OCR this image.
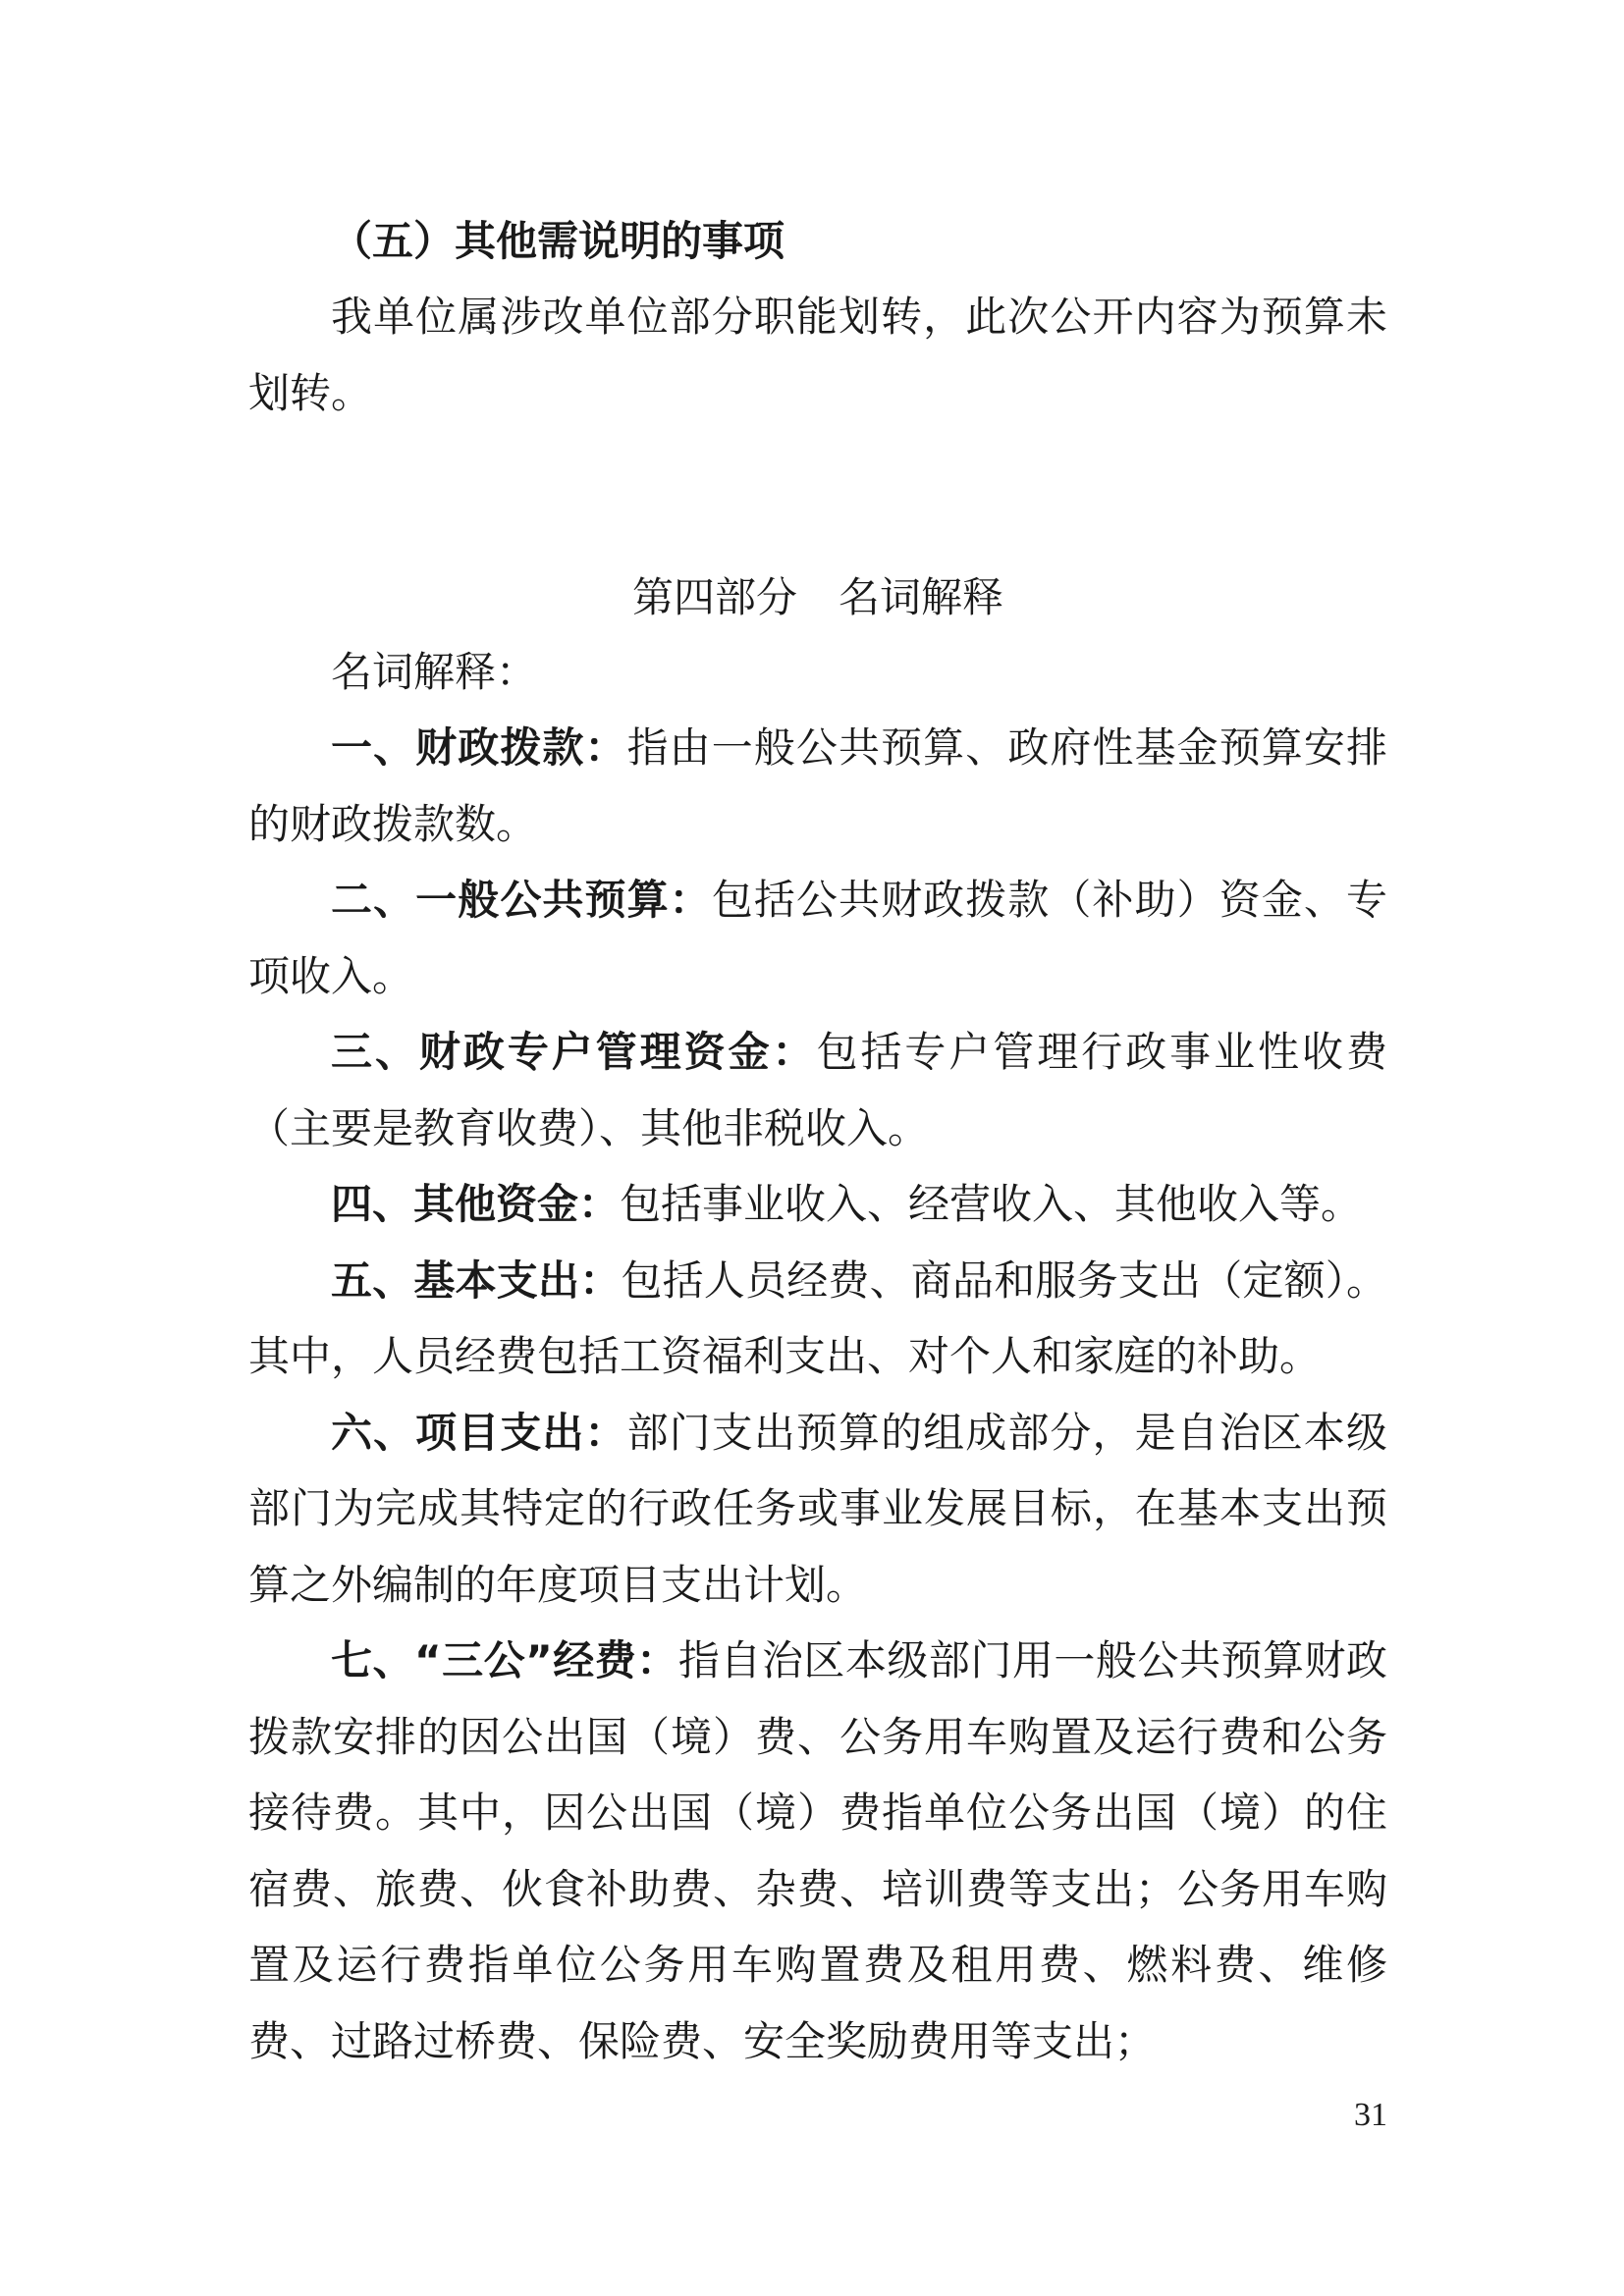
（五）其他需说明的事项

我单位属涉改单位部分职能划转，此次公开内容为预算未划转。

第四部分　名词解释

名词解释：

一、财政拨款：指由一般公共预算、政府性基金预算安排的财政拨款数。

二、一般公共预算：包括公共财政拨款（补助）资金、专项收入。

三、财政专户管理资金：包括专户管理行政事业性收费（主要是教育收费）、其他非税收入。

四、其他资金：包括事业收入、经营收入、其他收入等。

五、基本支出：包括人员经费、商品和服务支出（定额）。其中，人员经费包括工资福利支出、对个人和家庭的补助。

六、项目支出：部门支出预算的组成部分，是自治区本级部门为完成其特定的行政任务或事业发展目标，在基本支出预算之外编制的年度项目支出计划。

七、“三公”经费：指自治区本级部门用一般公共预算财政拨款安排的因公出国（境）费、公务用车购置及运行费和公务接待费。其中，因公出国（境）费指单位公务出国（境）的住宿费、旅费、伙食补助费、杂费、培训费等支出；公务用车购置及运行费指单位公务用车购置费及租用费、燃料费、维修费、过路过桥费、保险费、安全奖励费用等支出；

31
